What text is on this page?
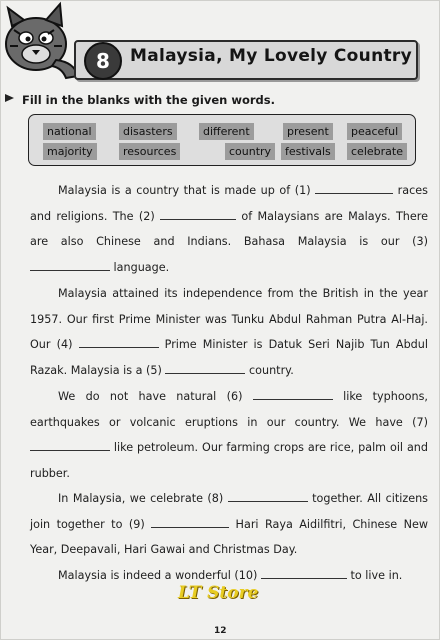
8	Malaysia, My Lovely Country
Fill in the blanks with the given words.
national	disasters	different	present	peaceful
majority	resources	country	festivals	celebrate
Malaysia is a country that is made up of (1)	races and religions. The (2)	of Malaysians are Malays. There are also Chinese and Indians. Bahasa Malaysia is our (3)  language.
Malaysia attained its independence from the British in the year 1957. Our first Prime Minister was Tunku Abdul Rahman Putra Al-Haj. Our (4)	Prime Minister is Datuk Seri Najib Tun Abdul Razak. Malaysia is a (5)	country.
We do not have natural (6)	like typhoons, earthquakes or volcanic eruptions in our country. We have (7)  like petroleum. Our farming crops are rice, palm oil and rubber.
In Malaysia, we celebrate (8)	together. All citizens join together to (9)	Hari Raya Aidilfitri, Chinese New Year, Deepavali, Hari Gawai and Christmas Day.
Malaysia is indeed a wonderful (10)	to live in.
LT Store
12
